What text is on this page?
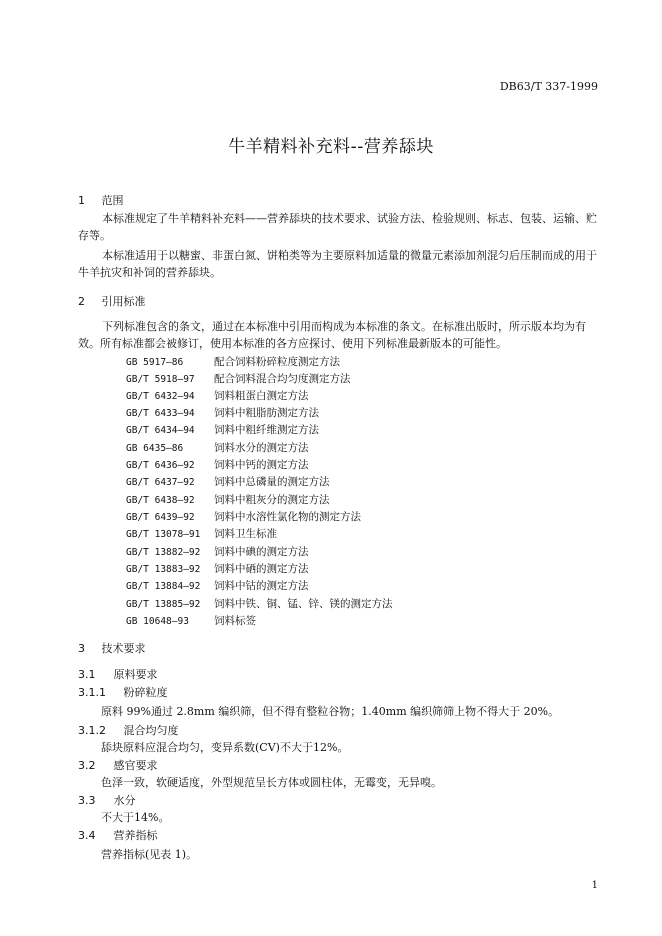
DB63/T 337-1999
牛羊精料补充料--营养舔块
1 范围
本标准规定了牛羊精料补充料——营养舔块的技术要求、试验方法、检验规则、标志、包装、运输、贮存等。
本标准适用于以糖蜜、非蛋白氮、饼粕类等为主要原料加适量的微量元素添加剂混匀后压制而成的用于牛羊抗灾和补饲的营养舔块。
2 引用标准
下列标准包含的条文，通过在本标准中引用而构成为本标准的条文。在标准出版时，所示版本均为有效。所有标准都会被修订，使用本标准的各方应探讨、使用下列标准最新版本的可能性。
GB 5917—86	配合饲料粉碎粒度测定方法
GB/T 5918—97 配合饲料混合均匀度测定方法
GB/T 6432—94 饲料粗蛋白测定方法
GB/T 6433—94 饲料中粗脂肪测定方法
GB/T 6434—94 饲料中粗纤维测定方法
GB 6435—86	饲料水分的测定方法
GB/T 6436—92 饲料中钙的测定方法
GB/T 6437—92 饲料中总磷量的测定方法
GB/T 6438—92 饲料中粗灰分的测定方法
GB/T 6439—92 饲料中水溶性氯化物的测定方法
GB/T 13078—91 饲料卫生标准
GB/T 13882—92 饲料中碘的测定方法
GB/T 13883—92 饲料中硒的测定方法
GB/T 13884—92 饲料中钴的测定方法
GB/T 13885—92 饲料中铁、铜、锰、锌、镁的测定方法
GB 10648—93 饲料标签
3 技术要求
3.1 原料要求
3.1.1 粉碎粒度
原料 99%通过 2.8mm 编织筛，但不得有整粒谷物；1.40mm 编织筛筛上物不得大于 20%。
3.1.2 混合均匀度
舔块原料应混合均匀，变异系数(CV)不大于12%。
3.2 感官要求
色泽一致，软硬适度，外型规范呈长方体或圆柱体，无霉变，无异嗅。
3.3 水分
不大于14%。
3.4 营养指标
营养指标(见表 1)。
1
